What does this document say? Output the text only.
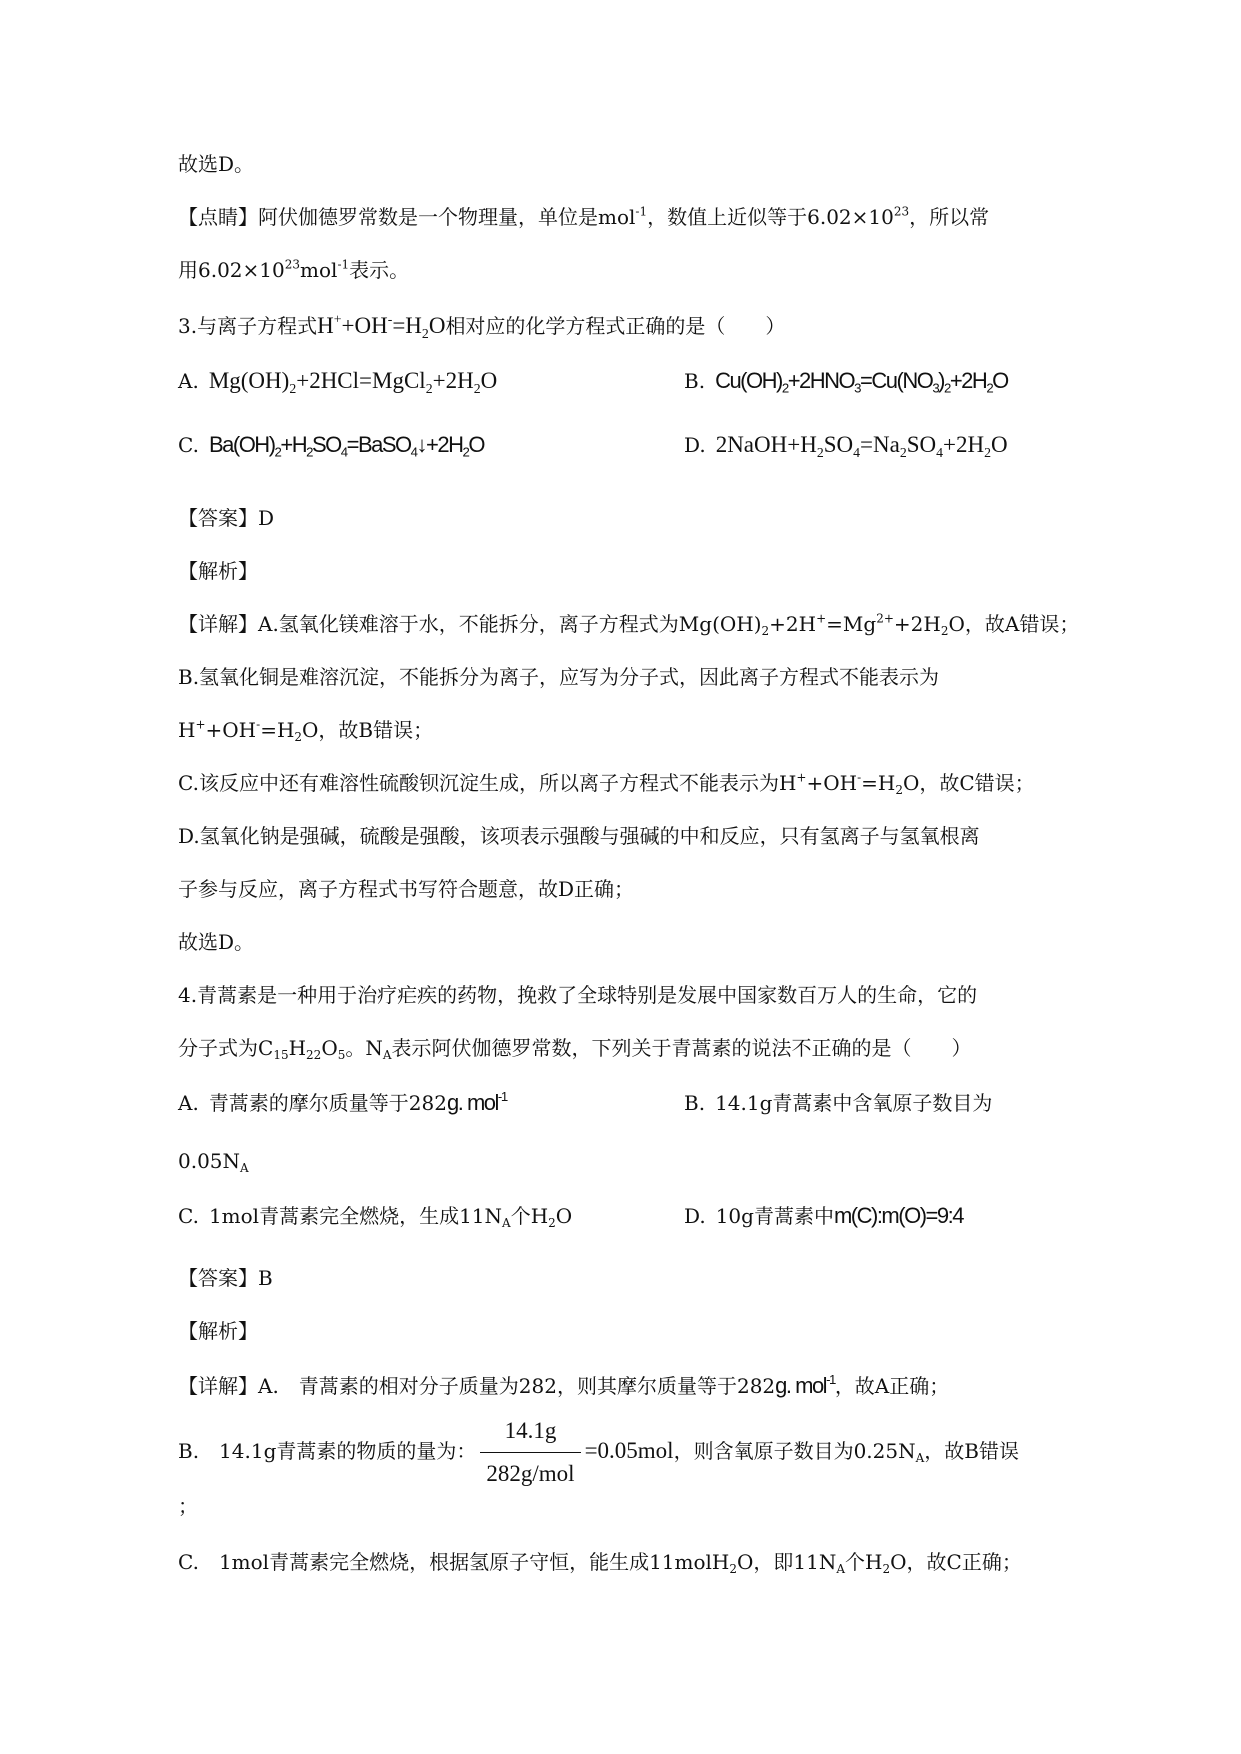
故选D。
【点睛】阿伏伽德罗常数是一个物理量，单位是mol$^{-1}$，数值上近似等于$6.02\times 10^{23}$，所以常
用$6.02\times 10^{23}mol^{-1}$表示。
3.与离子方程式$H^++OH^-=H_2O$相对应的化学方程式正确的是（　　）
A. $Mg(OH)_2+2HCl=MgCl_2+2H_2O$	B. $Cu(OH)_2+2HNO_3=Cu(NO_3)_2+2H_2O$
C. $Ba(OH)_2+H_2SO_4=BaSO_4↓+2H_2O$	D. $2NaOH+H_2SO_4=Na_2SO_4+2H_2O$
【答案】D
【解析】
【详解】A.氢氧化镁难溶于水，不能拆分，离子方程式为$Mg(OH)_2+2H^+=Mg^{2+}+2H_2O$，故A错误；
B.氢氧化铜是难溶沉淀，不能拆分为离子，应写为分子式，因此离子方程式不能表示为
$H^++OH^-=H_2O$，故B错误；
C.该反应中还有难溶性硫酸钡沉淀生成，所以离子方程式不能表示为$H^++OH^-=H_2O$，故C错误；
D.氢氧化钠是强碱，硫酸是强酸，该项表示强酸与强碱的中和反应，只有氢离子与氢氧根离
子参与反应，离子方程式书写符合题意，故D正确；
故选D。
4.青蒿素是一种用于治疗疟疾的药物，挽救了全球特别是发展中国家数百万人的生命，它的
分子式为$C_{15}H_{22}O_5$。$N_A$表示阿伏伽德罗常数，下列关于青蒿素的说法不正确的是（　　）
A. 青蒿素的摩尔质量等于282g. mol$^{-1}$	B. 14.1g青蒿素中含氧原子数目为
$0.05N_A$
C. 1mol青蒿素完全燃烧，生成$11N_A$个$H_2O$	D. 10g青蒿素中m(C):m(O)=9:4
【答案】B
【解析】
【详解】A.　青蒿素的相对分子质量为282，则其摩尔质量等于282g. mol$^{-1}$，故A正确；
B.　14.1g青蒿素的物质的量为： $\frac{14.1g}{\text{282g/mol}} =0.05mol$，则含氧原子数目为$0.25N_A$，故B错误
；
C.　1mol青蒿素完全燃烧，根据氢原子守恒，能生成11molH$_2$O，即$11N_A$个$H_2O$，故C正确；
